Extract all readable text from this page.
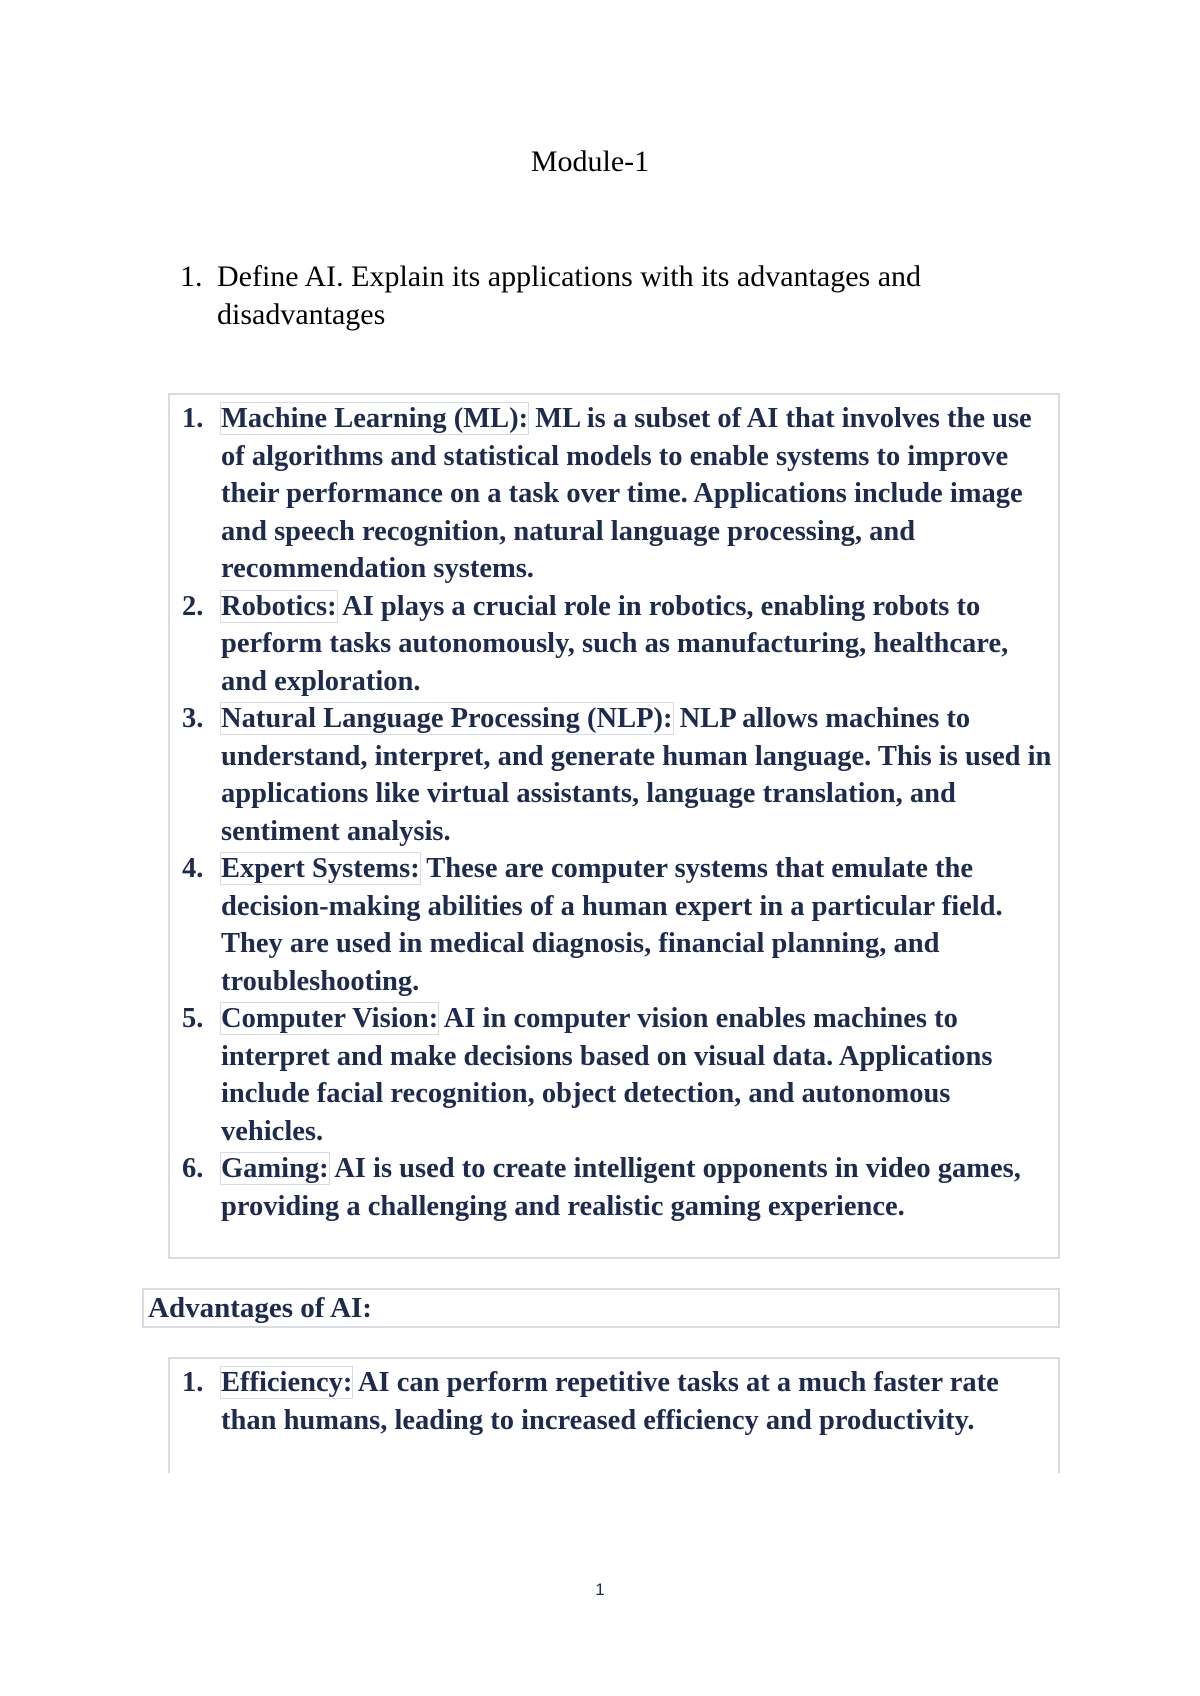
Module-1
1. Define AI. Explain its applications with its advantages and disadvantages
1. Machine Learning (ML): ML is a subset of AI that involves the use of algorithms and statistical models to enable systems to improve their performance on a task over time. Applications include image and speech recognition, natural language processing, and recommendation systems.
2. Robotics: AI plays a crucial role in robotics, enabling robots to perform tasks autonomously, such as manufacturing, healthcare, and exploration.
3. Natural Language Processing (NLP): NLP allows machines to understand, interpret, and generate human language. This is used in applications like virtual assistants, language translation, and sentiment analysis.
4. Expert Systems: These are computer systems that emulate the decision-making abilities of a human expert in a particular field. They are used in medical diagnosis, financial planning, and troubleshooting.
5. Computer Vision: AI in computer vision enables machines to interpret and make decisions based on visual data. Applications include facial recognition, object detection, and autonomous vehicles.
6. Gaming: AI is used to create intelligent opponents in video games, providing a challenging and realistic gaming experience.
Advantages of AI:
1. Efficiency: AI can perform repetitive tasks at a much faster rate than humans, leading to increased efficiency and productivity.
1
